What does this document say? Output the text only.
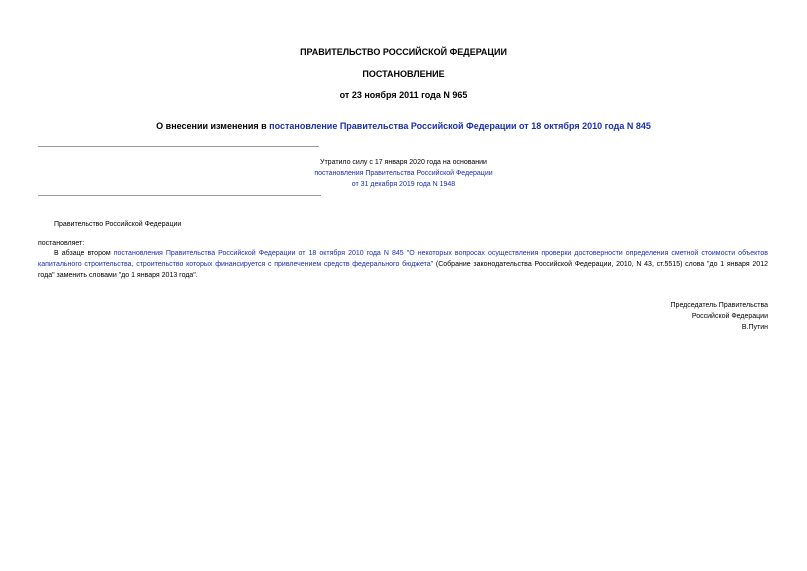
ПРАВИТЕЛЬСТВО РОССИЙСКОЙ ФЕДЕРАЦИИ
ПОСТАНОВЛЕНИЕ
от 23 ноября 2011 года N 965
О внесении изменения в постановление Правительства Российской Федерации от 18 октября 2010 года N 845
Утратило силу с 17 января 2020 года на основании
постановления Правительства Российской Федерации
от 31 декабря 2019 года N 1948
Правительство Российской Федерации
постановляет:
В абзаце втором постановления Правительства Российской Федерации от 18 октября 2010 года N 845 "О некоторых вопросах осуществления проверки достоверности определения сметной стоимости объектов капитального строительства, строительство которых финансируется с привлечением средств федерального бюджета" (Собрание законодательства Российской Федерации, 2010, N 43, ст.5515) слова "до 1 января 2012 года" заменить словами "до 1 января 2013 года".
Председатель Правительства
Российской Федерации
В.Путин
